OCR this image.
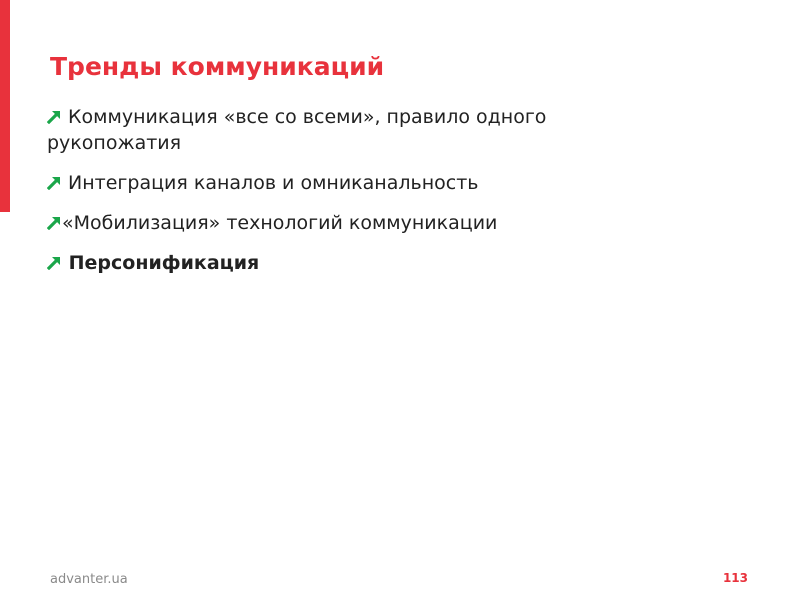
Тренды коммуникаций
Коммуникация «все со всеми», правило одного рукопожатия
Интеграция каналов и омниканальность
«Мобилизация» технологий коммуникации
Персонификация
advanter.ua	113
